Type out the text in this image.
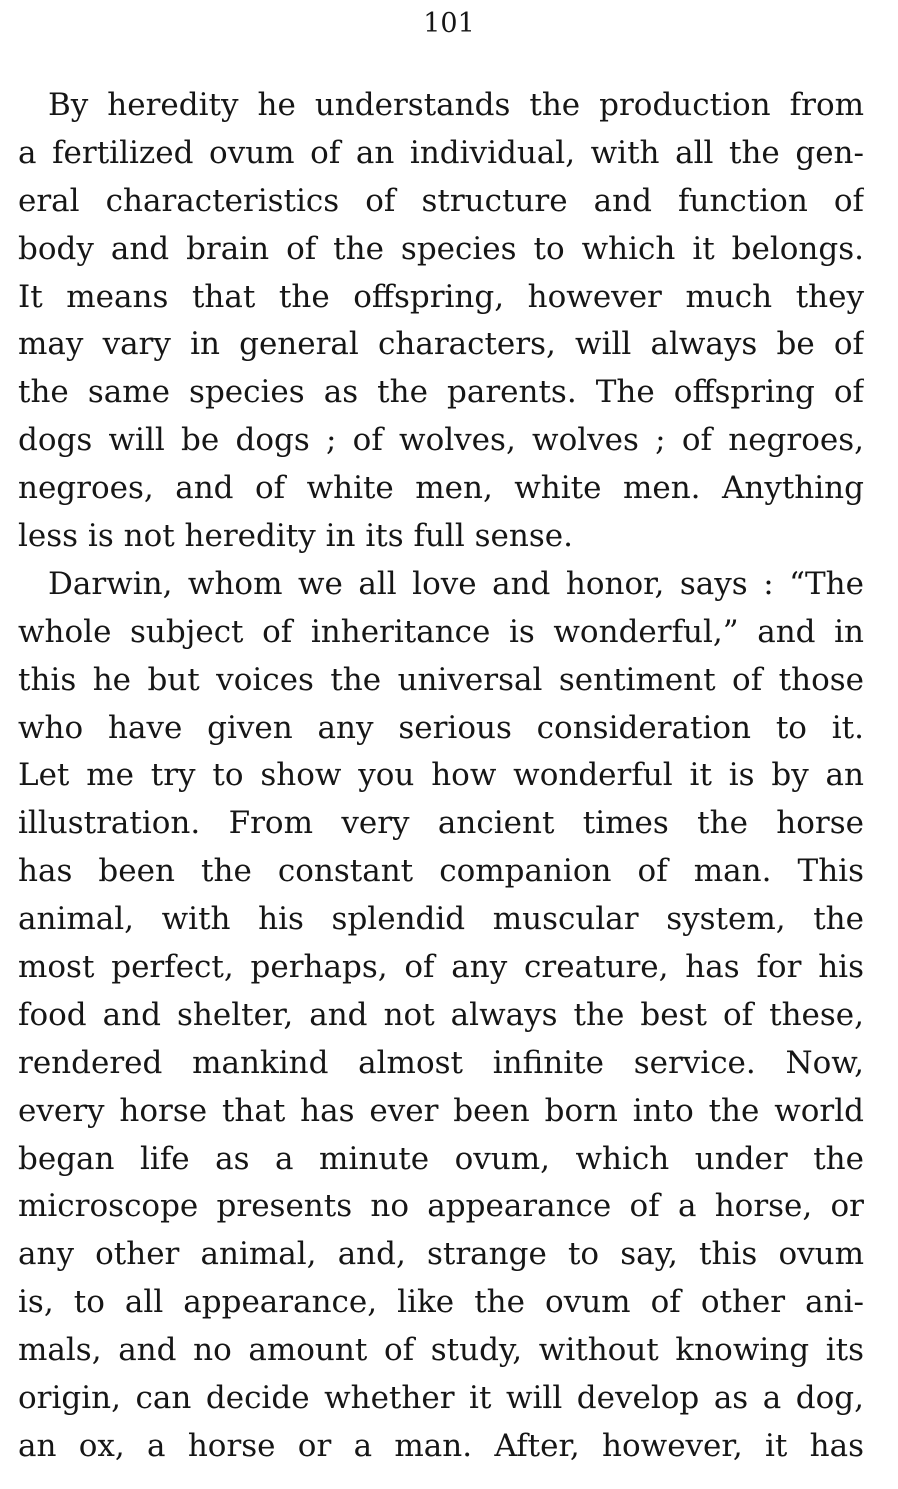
101
By heredity he understands the production from
a fertilized ovum of an individual, with all the gen-
eral characteristics of structure and function of
body and brain of the species to which it belongs.
It means that the offspring, however much they
may vary in general characters, will always be of
the same species as the parents. The offspring of
dogs will be dogs ; of wolves, wolves ; of negroes,
negroes, and of white men, white men. Anything
less is not heredity in its full sense.
Darwin, whom we all love and honor, says : “The
whole subject of inheritance is wonderful,” and in
this he but voices the universal sentiment of those
who have given any serious consideration to it.
Let me try to show you how wonderful it is by an
illustration. From very ancient times the horse
has been the constant companion of man. This
animal, with his splendid muscular system, the
most perfect, perhaps, of any creature, has for his
food and shelter, and not always the best of these,
rendered mankind almost infinite service. Now,
every horse that has ever been born into the world
began life as a minute ovum, which under the
microscope presents no appearance of a horse, or
any other animal, and, strange to say, this ovum
is, to all appearance, like the ovum of other ani-
mals, and no amount of study, without knowing its
origin, can decide whether it will develop as a dog,
an ox, a horse or a man. After, however, it has
